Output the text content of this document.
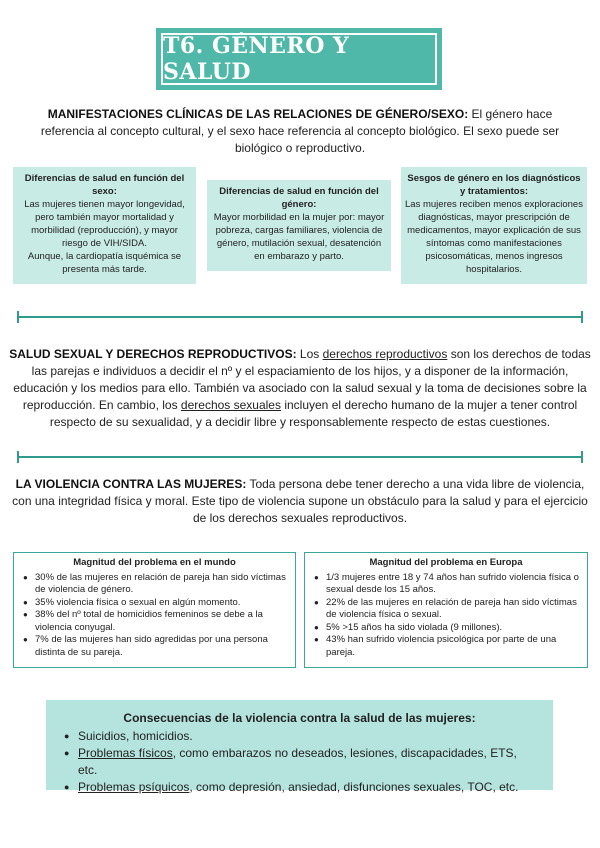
T6. GÉNERO Y SALUD

MANIFESTACIONES CLÍNICAS DE LAS RELACIONES DE GÉNERO/SEXO: El género hace referencia al concepto cultural, y el sexo hace referencia al concepto biológico. El sexo puede ser biológico o reproductivo.

Diferencias de salud en función del sexo:
Las mujeres tienen mayor longevidad, pero también mayor mortalidad y morbilidad (reproducción), y mayor riesgo de VIH/SIDA.
Aunque, la cardiopatía isquémica se presenta más tarde.
Diferencias de salud en función del género:
Mayor morbilidad en la mujer por: mayor pobreza, cargas familiares, violencia de género, mutilación sexual, desatención en embarazo y parto.
Sesgos de género en los diagnósticos y tratamientos:
Las mujeres reciben menos exploraciones diagnósticas, mayor prescripción de medicamentos, mayor explicación de sus síntomas como manifestaciones psicosomáticas, menos ingresos hospitalarios.

SALUD SEXUAL Y DERECHOS REPRODUCTIVOS: Los derechos reproductivos son los derechos de todas las parejas e individuos a decidir el nº y el espaciamiento de los hijos, y a disponer de la información, educación y los medios para ello. También va asociado con la salud sexual y la toma de decisiones sobre la reproducción. En cambio, los derechos sexuales incluyen el derecho humano de la mujer a tener control respecto de su sexualidad, y a decidir libre y responsablemente respecto de estas cuestiones.

LA VIOLENCIA CONTRA LAS MUJERES: Toda persona debe tener derecho a una vida libre de violencia, con una integridad física y moral. Este tipo de violencia supone un obstáculo para la salud y para el ejercicio de los derechos sexuales reproductivos.

Magnitud del problema en el mundo
● 30% de las mujeres en relación de pareja han sido víctimas de violencia de género.
● 35% violencia física o sexual en algún momento.
● 38% del nº total de homicidios femeninos se debe a la violencia conyugal.
● 7% de las mujeres han sido agredidas por una persona distinta de su pareja.
Magnitud del problema en Europa
● 1/3 mujeres entre 18 y 74 años han sufrido violencia física o sexual desde los 15 años.
● 22% de las mujeres en relación de pareja han sido víctimas de violencia física o sexual.
● 5% >15 años ha sido violada (9 millones).
● 43% han sufrido violencia psicológica por parte de una pareja.
Consecuencias de la violencia contra la salud de las mujeres:
● Suicidios, homicidios.
● Problemas físicos, como embarazos no deseados, lesiones, discapacidades, ETS, etc.
● Problemas psíquicos, como depresión, ansiedad, disfunciones sexuales, TOC, etc.
